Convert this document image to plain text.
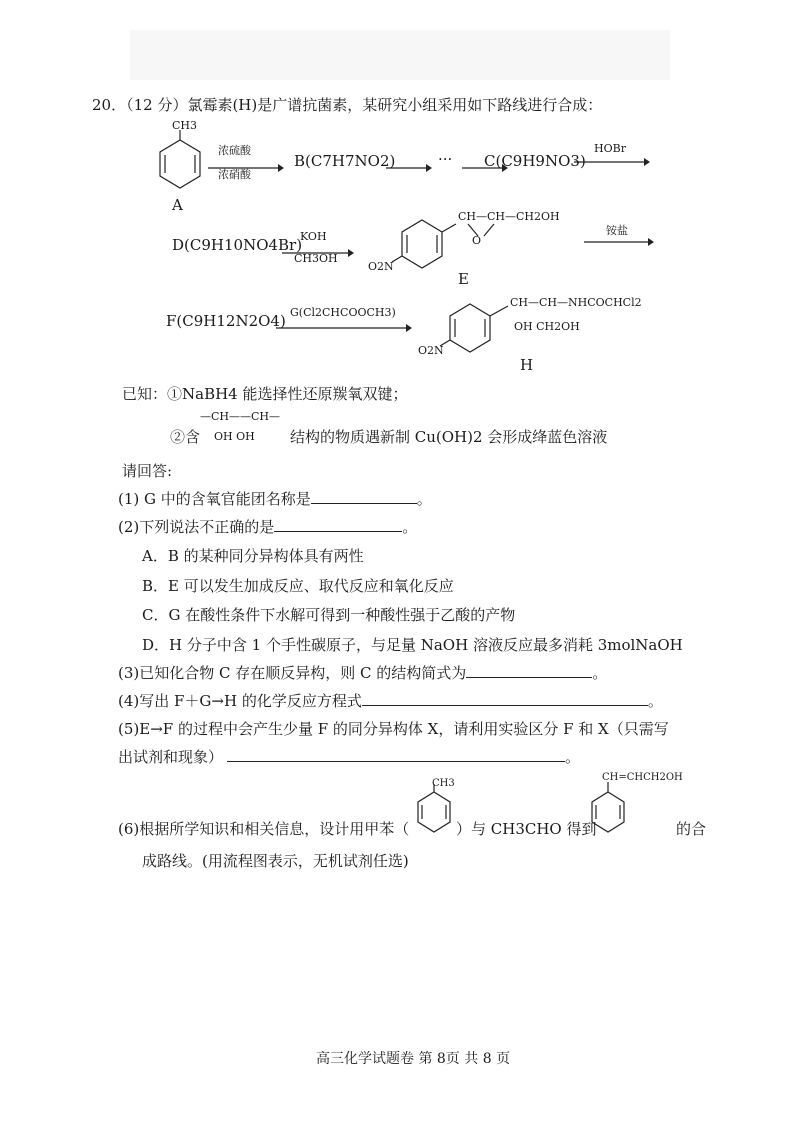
20．（12 分）氯霉素(H)是广谱抗菌素，某研究小组采用如下路线进行合成：
CH3
A
浓硫酸
浓硝酸
B(C7H7NO2)	··· C(C9H9NO3)
HOBr
D(C9H10NO4Br)
KOH
CH3OH
CH—CH—CH2OH
O
O2N
E
铵盐
F(C9H12N2O4) G(Cl2CHCOOCH3)
CH—CH—NHCOCHCl2
OH CH2OH
O2N
H
已知：①NaBH4 能选择性还原羰氧双键；
—CH——CH—
②含 OH OH 结构的物质遇新制 Cu(OH)2 会形成绛蓝色溶液
请回答:
(1) G 中的含氧官能团名称是	。
(2)下列说法不正确的是	。
A．B 的某种同分异构体具有两性
B．E 可以发生加成反应、取代反应和氧化反应
C．G 在酸性条件下水解可得到一种酸性强于乙酸的产物
D．H 分子中含 1 个手性碳原子，与足量 NaOH 溶液反应最多消耗 3molNaOH
(3)已知化合物 C 存在顺反异构，则 C 的结构简式为	。
(4)写出 F＋G→H 的化学反应方程式	。
(5)E→F 的过程中会产生少量 F 的同分异构体 X，请利用实验区分 F 和 X（只需写
出试剂和现象）	。
CH3
CH=CHCH2OH
(6)根据所学知识和相关信息，设计用甲苯（	）与 CH3CHO 得到	的合
成路线。(用流程图表示，无机试剂任选)
高三化学试题卷 第 8页 共 8 页
